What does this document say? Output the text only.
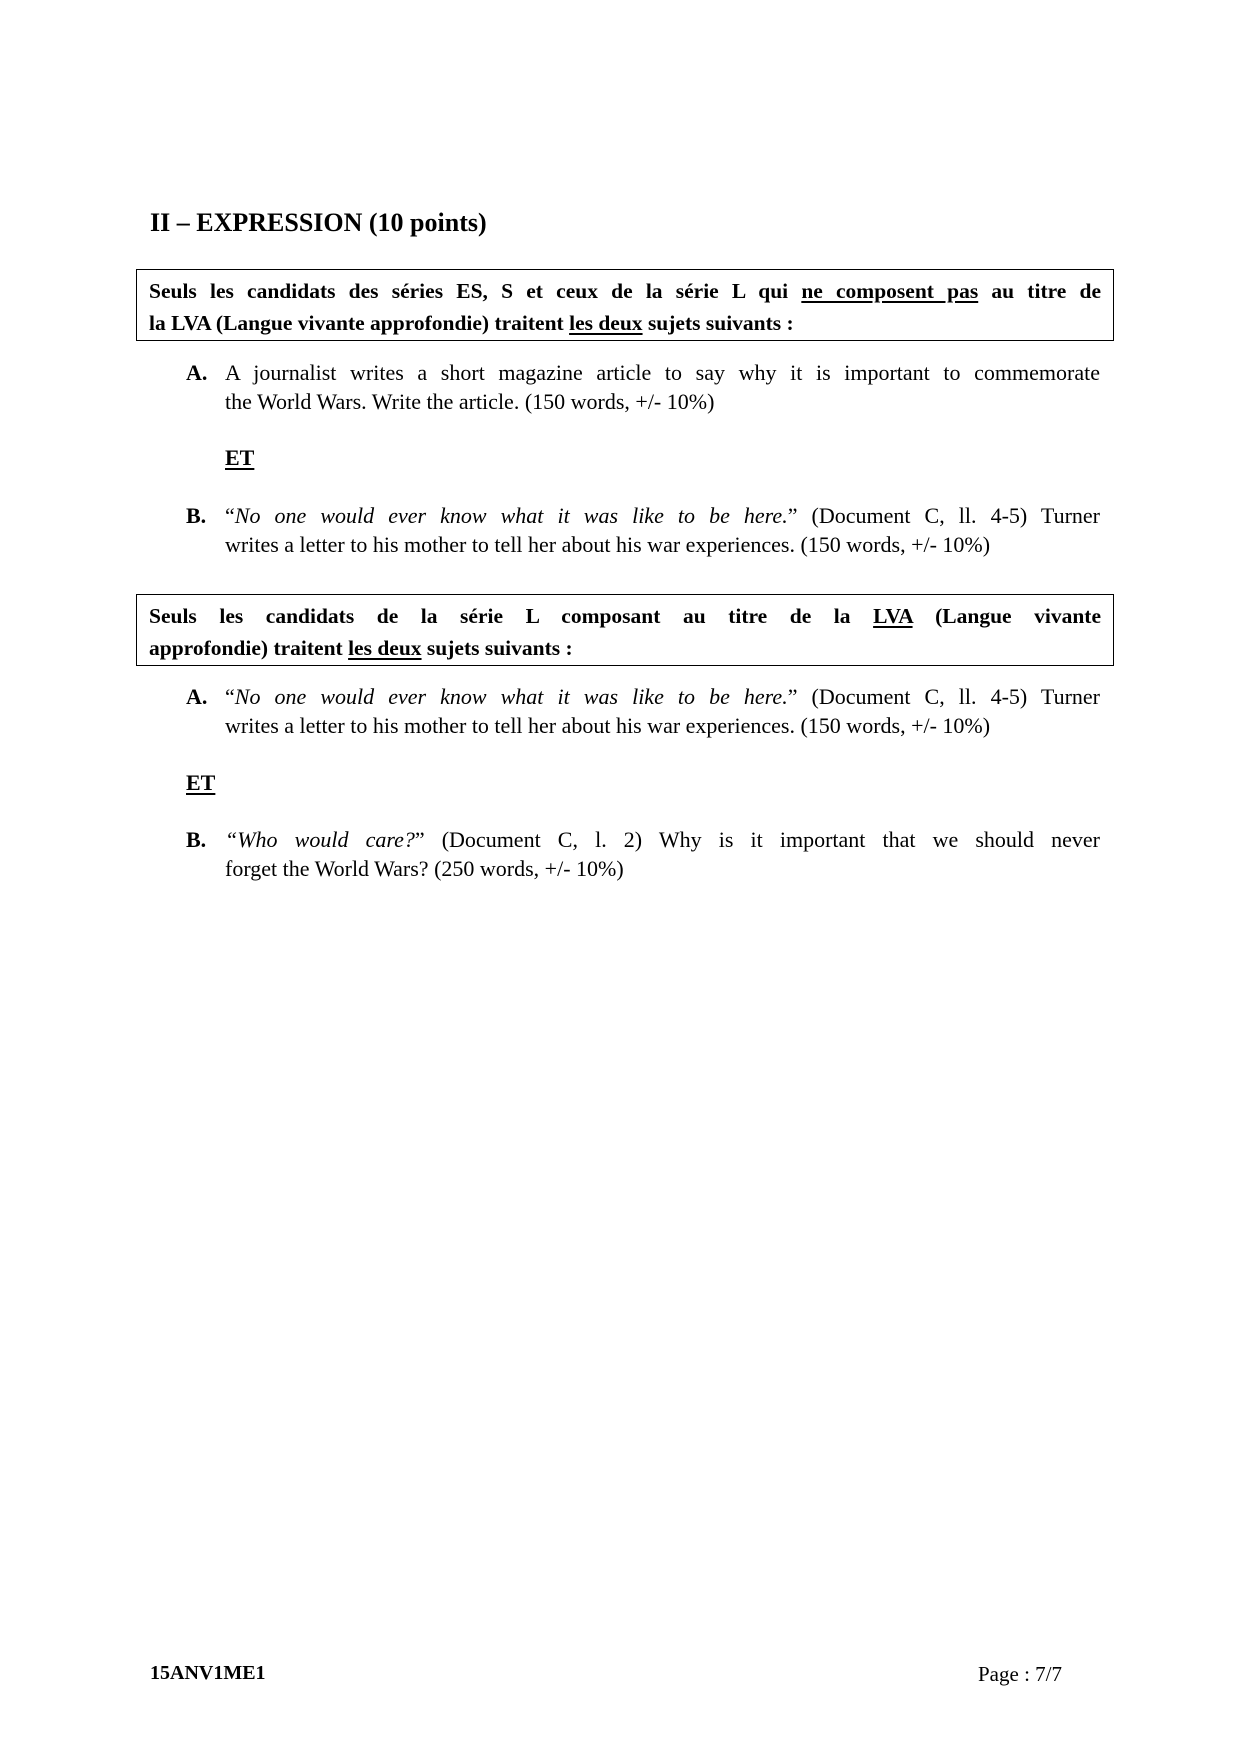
II – EXPRESSION (10 points)
Seuls les candidats des séries ES, S et ceux de la série L qui ne composent pas au titre de
la LVA (Langue vivante approfondie) traitent les deux sujets suivants :
A. A journalist writes a short magazine article to say why it is important to commemorate
the World Wars. Write the article. (150 words, +/- 10%)
ET
B. “No one would ever know what it was like to be here.” (Document C, ll. 4-5) Turner
writes a letter to his mother to tell her about his war experiences. (150 words, +/- 10%)
Seuls les candidats de la série L composant au titre de la LVA (Langue vivante
approfondie) traitent les deux sujets suivants :
A. “No one would ever know what it was like to be here.” (Document C, ll. 4-5) Turner
writes a letter to his mother to tell her about his war experiences. (150 words, +/- 10%)
ET
B. “Who would care?” (Document C, l. 2) Why is it important that we should never
forget the World Wars? (250 words, +/- 10%)
15ANV1ME1	Page : 7/7
